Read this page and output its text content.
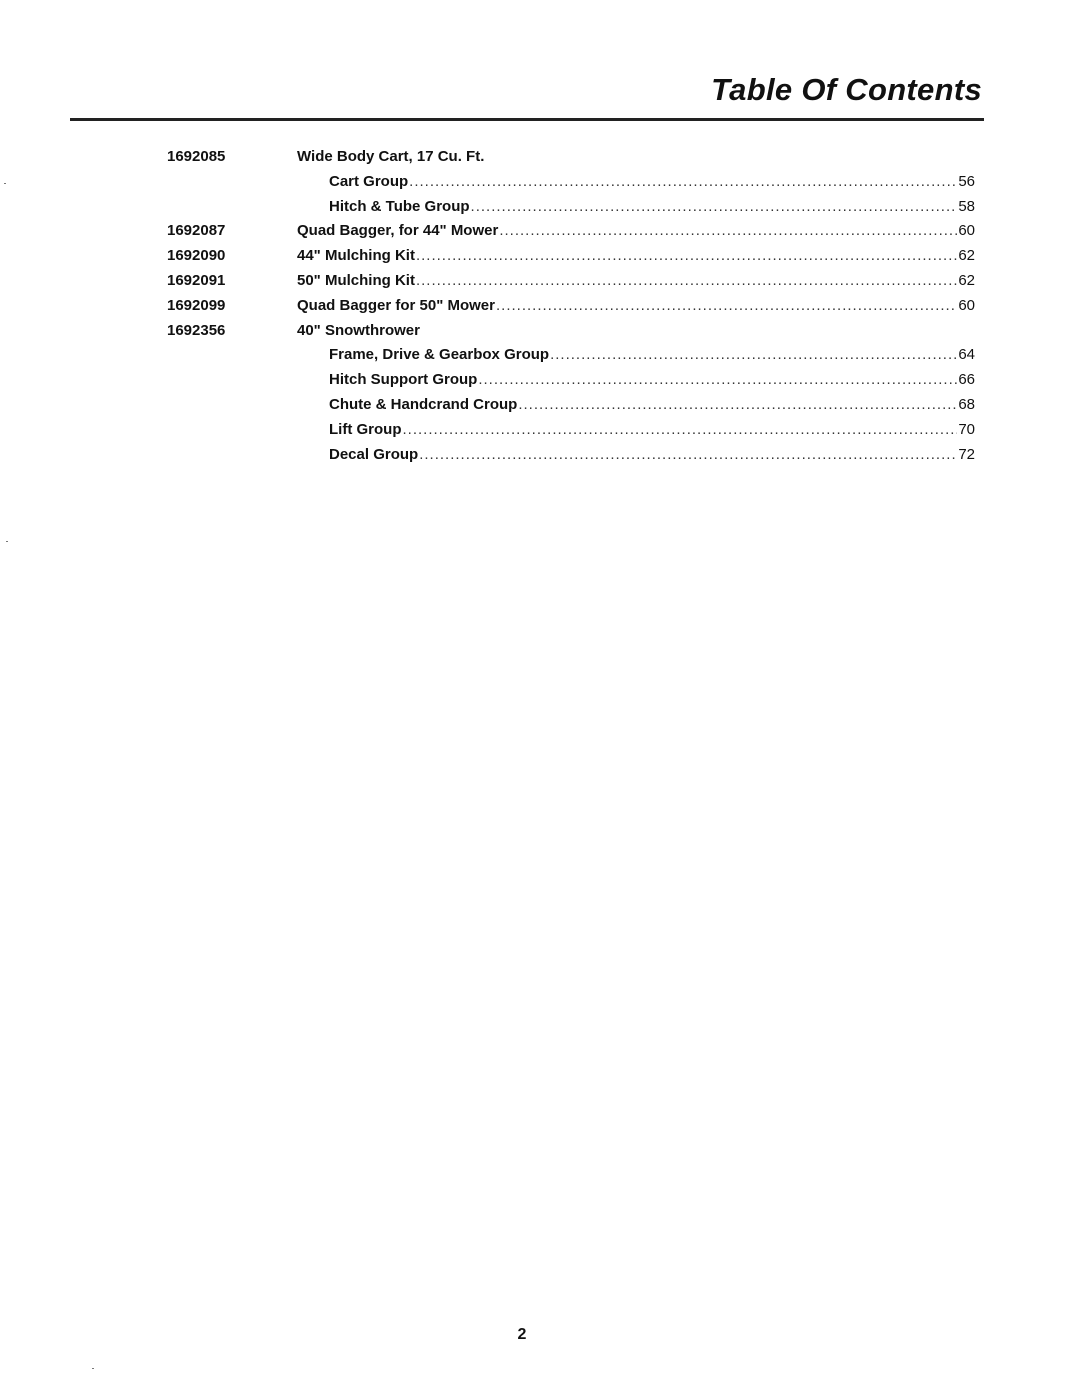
Table Of Contents
1692085	Wide Body Cart, 17 Cu. Ft.
Cart Group .....	56
Hitch & Tube Group .....	58
1692087	Quad Bagger, for 44" Mower .....	60
1692090	44" Mulching Kit .....	62
1692091	50" Mulching Kit .....	62
1692099	Quad Bagger for 50" Mower .....	60
1692356	40" Snowthrower
Frame, Drive & Gearbox Group .....	64
Hitch Support Group .....	66
Chute & Handcrand Croup .....	68
Lift Group .....	70
Decal Group .....	72
2
